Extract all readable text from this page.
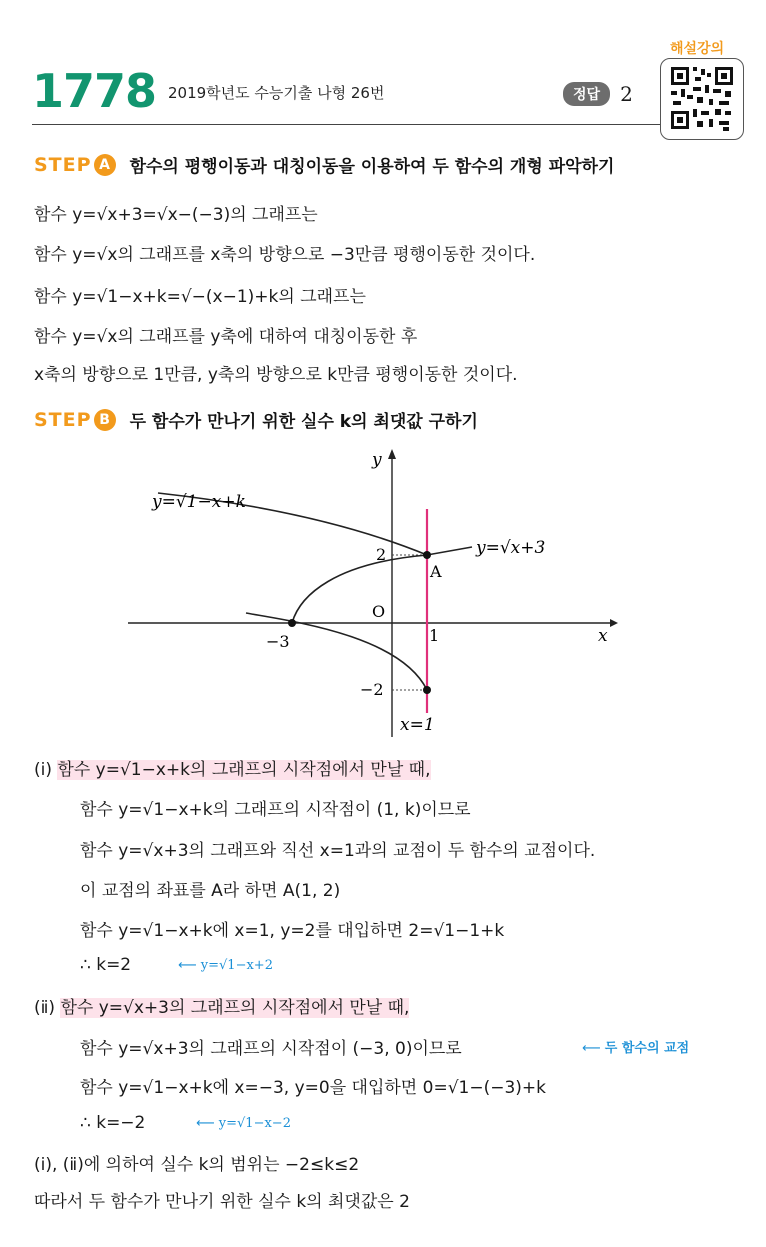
1778 2019학년도 수능기출 나형 26번	정답	2
해설강의
STEP A	함수의 평행이동과 대칭이동을 이용하여 두 함수의 개형 파악하기
함수 y=√x+3=√x−(−3)의 그래프는
함수 y=√x의 그래프를 x축의 방향으로 −3만큼 평행이동한 것이다.
함수 y=√1−x+k=√−(x−1)+k의 그래프는
함수 y=√x의 그래프를 y축에 대하여 대칭이동한 후
x축의 방향으로 1만큼, y축의 방향으로 k만큼 평행이동한 것이다.
STEP B	두 함수가 만나기 위한 실수 k의 최댓값 구하기
y=√1−x+k
y=√x+3
x=1
y
x
O
A
2
−2
−3	1
(ⅰ) 함수 y=√1−x+k의 그래프의 시작점에서 만날 때,
함수 y=√1−x+k의 그래프의 시작점이 (1, k)이므로
함수 y=√x+3의 그래프와 직선 x=1과의 교점이 두 함수의 교점이다.
이 교점의 좌표를 A라 하면 A(1, 2)
함수 y=√1−x+k에 x=1, y=2를 대입하면 2=√1−1+k
∴ k=2	⟵ y=√1−x+2
(ⅱ) 함수 y=√x+3의 그래프의 시작점에서 만날 때,
함수 y=√x+3의 그래프의 시작점이 (−3, 0)이므로	⟵ 두 함수의 교점
함수 y=√1−x+k에 x=−3, y=0을 대입하면 0=√1−(−3)+k
∴ k=−2	⟵ y=√1−x−2
(ⅰ), (ⅱ)에 의하여 실수 k의 범위는 −2≤k≤2
따라서 두 함수가 만나기 위한 실수 k의 최댓값은 2
